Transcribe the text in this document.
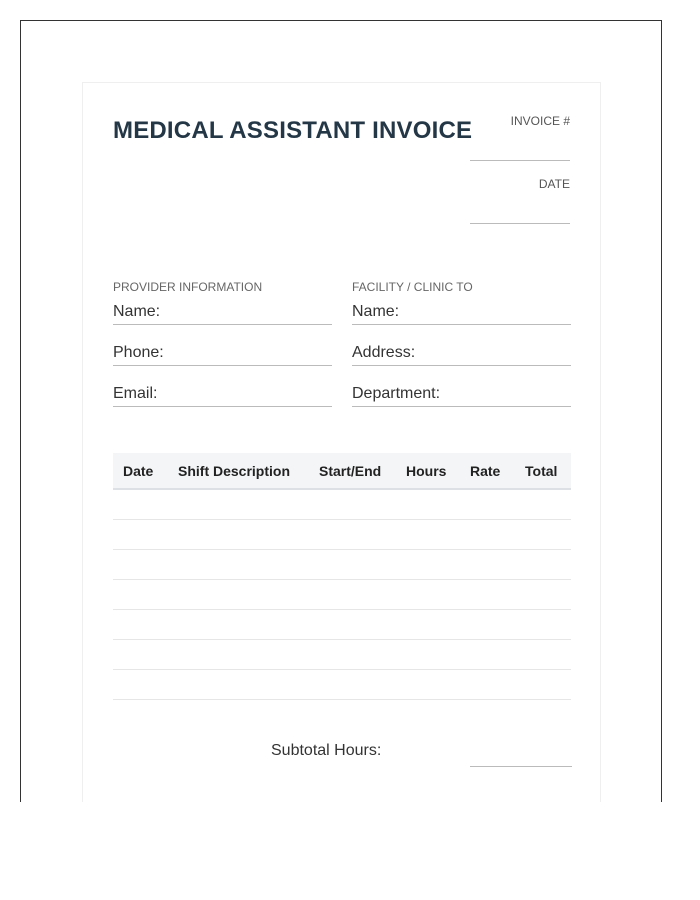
MEDICAL ASSISTANT INVOICE	INVOICE #
DATE
PROVIDER INFORMATION
Name:
Phone:
Email:
FACILITY / CLINIC TO
Name:
Address:
Department:
Date	Shift Description	Start/End	Hours	Rate	Total

Subtotal Hours:
